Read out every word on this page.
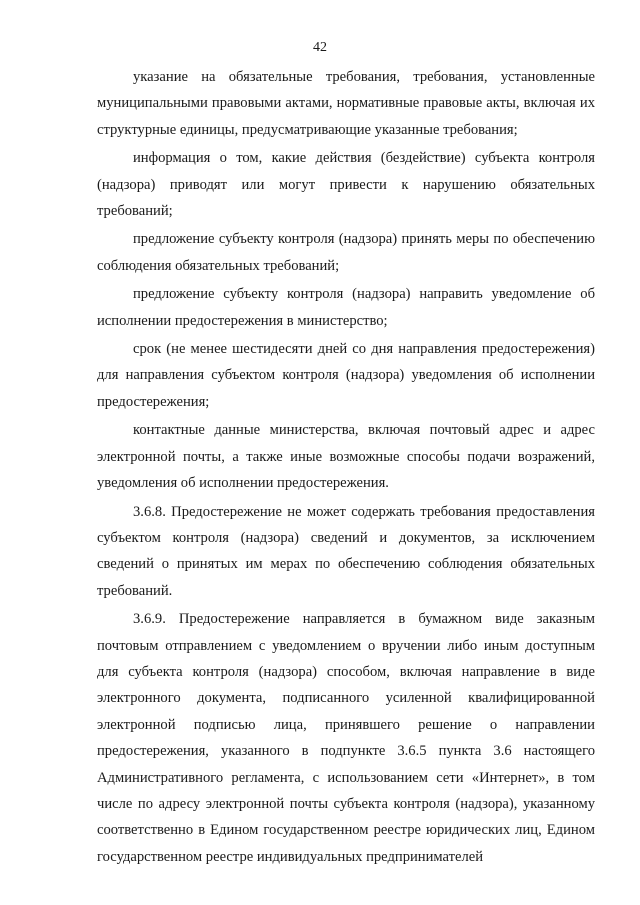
42

указание на обязательные требования, требования, установленные муниципальными правовыми актами, нормативные правовые акты, включая их структурные единицы, предусматривающие указанные требования;

информация о том, какие действия (бездействие) субъекта контроля (надзора) приводят или могут привести к нарушению обязательных требований;

предложение субъекту контроля (надзора) принять меры по обеспечению соблюдения обязательных требований;

предложение субъекту контроля (надзора) направить уведомление об исполнении предостережения в министерство;

срок (не менее шестидесяти дней со дня направления предостережения) для направления субъектом контроля (надзора) уведомления об исполнении предостережения;

контактные данные министерства, включая почтовый адрес и адрес электронной почты, а также иные возможные способы подачи возражений, уведомления об исполнении предостережения.

3.6.8. Предостережение не может содержать требования предоставления субъектом контроля (надзора) сведений и документов, за исключением сведений о принятых им мерах по обеспечению соблюдения обязательных требований.

3.6.9. Предостережение направляется в бумажном виде заказным почтовым отправлением с уведомлением о вручении либо иным доступным для субъекта контроля (надзора) способом, включая направление в виде электронного документа, подписанного усиленной квалифицированной электронной подписью лица, принявшего решение о направлении предостережения, указанного в подпункте 3.6.5 пункта 3.6 настоящего Административного регламента, с использованием сети «Интернет», в том числе по адресу электронной почты субъекта контроля (надзора), указанному соответственно в Едином государственном реестре юридических лиц, Едином государственном реестре индивидуальных предпринимателей
